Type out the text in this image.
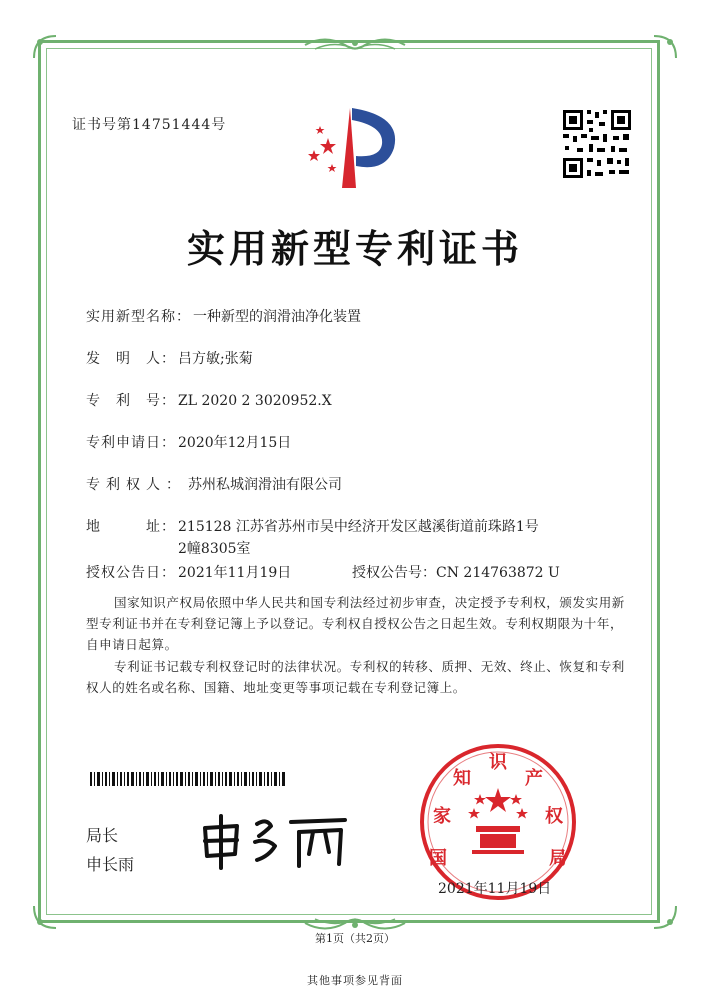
证书号第14751444号
实用新型专利证书
实用新型名称： 一种新型的润滑油净化装置
发　明　人： 吕方敏;张菊
专　利　号： ZL 2020 2 3020952.X
专利申请日： 2020年12月15日
专利权人： 苏州私城润滑油有限公司
地　　　址： 215128 江苏省苏州市吴中经济开发区越溪街道前珠路1号
2幢8305室
授权公告日： 2021年11月19日	授权公告号：CN 214763872 U
国家知识产权局依照中华人民共和国专利法经过初步审查，决定授予专利权，颁发实用新型专利证书并在专利登记簿上予以登记。专利权自授权公告之日起生效。专利权期限为十年，自申请日起算。
专利证书记载专利权登记时的法律状况。专利权的转移、质押、无效、终止、恢复和专利权人的姓名或名称、国籍、地址变更等事项记载在专利登记簿上。
局长
申长雨	国
家
知
识
产
权
局
2021年11月19日
第1页（共2页）
其他事项参见背面
